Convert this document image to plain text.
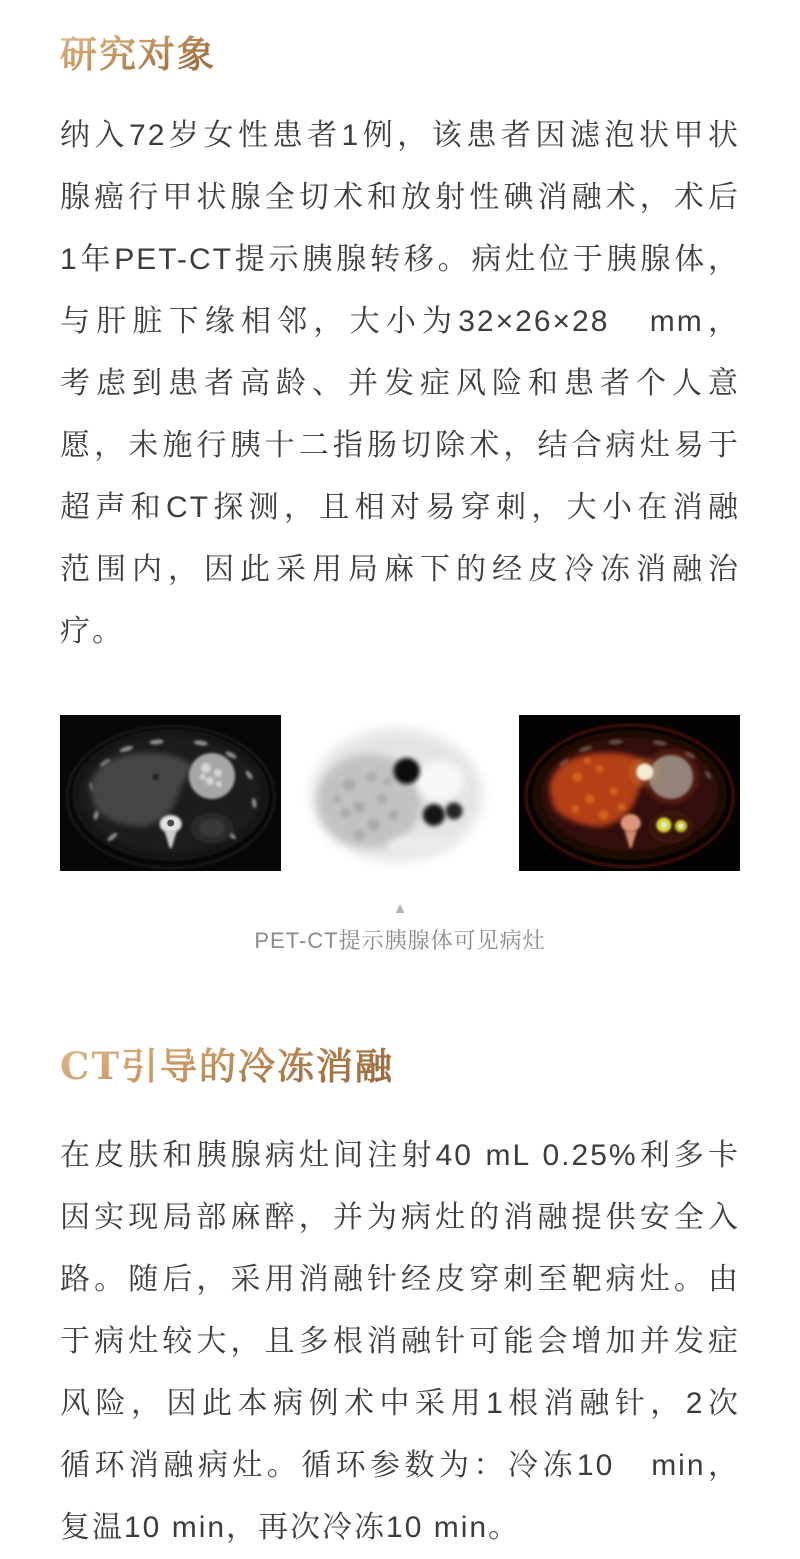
研究对象
纳入72岁女性患者1例，该患者因滤泡状甲状
腺癌行甲状腺全切术和放射性碘消融术，术后
1年PET-CT提示胰腺转移。病灶位于胰腺体，
与肝脏下缘相邻，大小为32×26×28　mm，
考虑到患者高龄、并发症风险和患者个人意
愿，未施行胰十二指肠切除术，结合病灶易于
超声和CT探测，且相对易穿刺，大小在消融
范围内，因此采用局麻下的经皮冷冻消融治
疗。
▲
PET-CT提示胰腺体可见病灶
CT引导的冷冻消融
在皮肤和胰腺病灶间注射40 mL 0.25%利多卡
因实现局部麻醉，并为病灶的消融提供安全入
路。随后，采用消融针经皮穿刺至靶病灶。由
于病灶较大，且多根消融针可能会增加并发症
风险，因此本病例术中采用1根消融针，2次
循环消融病灶。循环参数为：冷冻10　min，
复温10 min，再次冷冻10 min。
